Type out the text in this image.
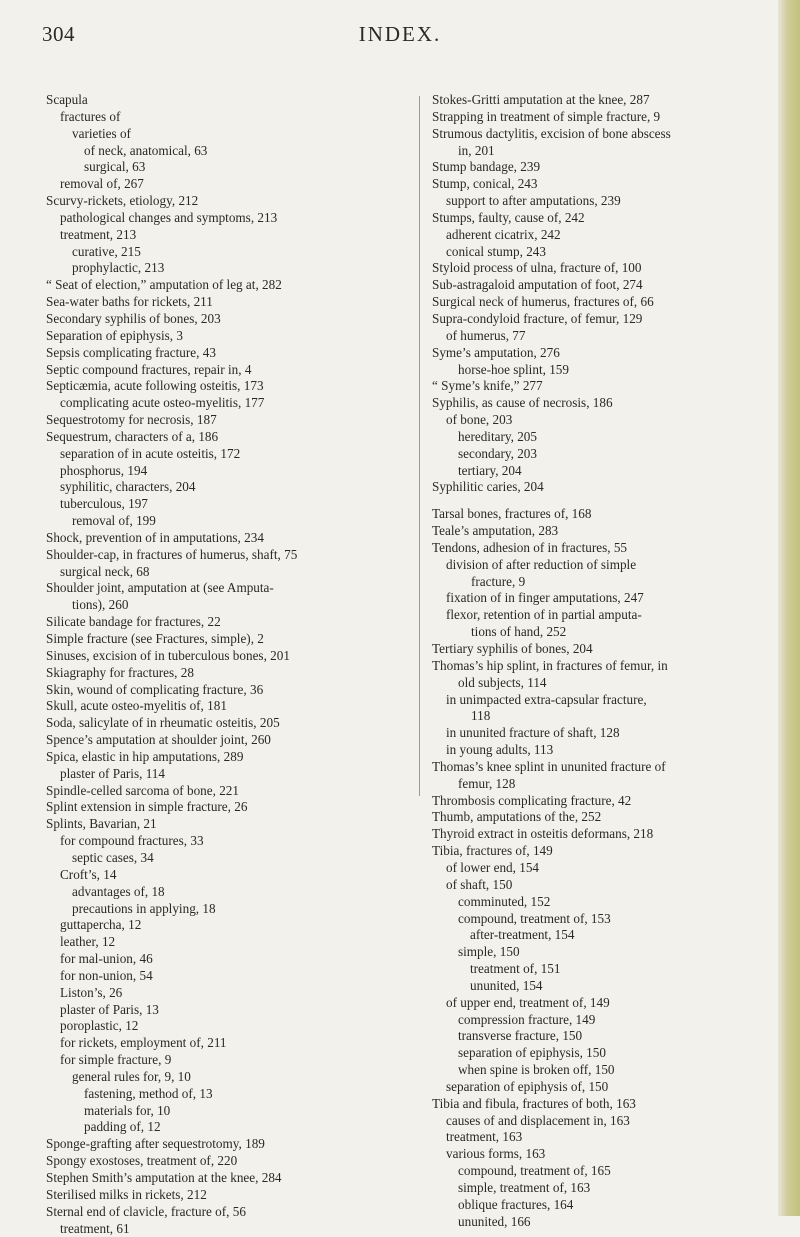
304	INDEX.
Scapula
fractures of
varieties of
of neck, anatomical, 63
surgical, 63
removal of, 267
Scurvy-rickets, etiology, 212
pathological changes and symptoms, 213
treatment, 213
curative, 215
prophylactic, 213
“ Seat of election,” amputation of leg at, 282
Sea-water baths for rickets, 211
Secondary syphilis of bones, 203
Separation of epiphysis, 3
Sepsis complicating fracture, 43
Septic compound fractures, repair in, 4
Septicæmia, acute following osteitis, 173
complicating acute osteo-myelitis, 177
Sequestrotomy for necrosis, 187
Sequestrum, characters of a, 186
separation of in acute osteitis, 172
phosphorus, 194
syphilitic, characters, 204
tuberculous, 197
removal of, 199
Shock, prevention of in amputations, 234
Shoulder-cap, in fractures of humerus, shaft, 75
surgical neck, 68
Shoulder joint, amputation at (see Amputa-
tions), 260
Silicate bandage for fractures, 22
Simple fracture (see Fractures, simple), 2
Sinuses, excision of in tuberculous bones, 201
Skiagraphy for fractures, 28
Skin, wound of complicating fracture, 36
Skull, acute osteo-myelitis of, 181
Soda, salicylate of in rheumatic osteitis, 205
Spence’s amputation at shoulder joint, 260
Spica, elastic in hip amputations, 289
plaster of Paris, 114
Spindle-celled sarcoma of bone, 221
Splint extension in simple fracture, 26
Splints, Bavarian, 21
for compound fractures, 33
septic cases, 34
Croft’s, 14
advantages of, 18
precautions in applying, 18
guttapercha, 12
leather, 12
for mal-union, 46
for non-union, 54
Liston’s, 26
plaster of Paris, 13
poroplastic, 12
for rickets, employment of, 211
for simple fracture, 9
general rules for, 9, 10
fastening, method of, 13
materials for, 10
padding of, 12
Sponge-grafting after sequestrotomy, 189
Spongy exostoses, treatment of, 220
Stephen Smith’s amputation at the knee, 284
Sterilised milks in rickets, 212
Sternal end of clavicle, fracture of, 56
treatment, 61
Stokes-Gritti amputation at the knee, 287
Strapping in treatment of simple fracture, 9
Strumous dactylitis, excision of bone abscess
in, 201
Stump bandage, 239
Stump, conical, 243
support to after amputations, 239
Stumps, faulty, cause of, 242
adherent cicatrix, 242
conical stump, 243
Styloid process of ulna, fracture of, 100
Sub-astragaloid amputation of foot, 274
Surgical neck of humerus, fractures of, 66
Supra-condyloid fracture, of femur, 129
of humerus, 77
Syme’s amputation, 276
horse-hoe splint, 159
“ Syme’s knife,” 277
Syphilis, as cause of necrosis, 186
of bone, 203
hereditary, 205
secondary, 203
tertiary, 204
Syphilitic caries, 204
Tarsal bones, fractures of, 168
Teale’s amputation, 283
Tendons, adhesion of in fractures, 55
division of after reduction of simple
fracture, 9
fixation of in finger amputations, 247
flexor, retention of in partial amputa-
tions of hand, 252
Tertiary syphilis of bones, 204
Thomas’s hip splint, in fractures of femur, in
old subjects, 114
in unimpacted extra-capsular fracture,
118
in ununited fracture of shaft, 128
in young adults, 113
Thomas’s knee splint in ununited fracture of
femur, 128
Thrombosis complicating fracture, 42
Thumb, amputations of the, 252
Thyroid extract in osteitis deformans, 218
Tibia, fractures of, 149
of lower end, 154
of shaft, 150
comminuted, 152
compound, treatment of, 153
after-treatment, 154
simple, 150
treatment of, 151
ununited, 154
of upper end, treatment of, 149
compression fracture, 149
transverse fracture, 150
separation of epiphysis, 150
when spine is broken off, 150
separation of epiphysis of, 150
Tibia and fibula, fractures of both, 163
causes of and displacement in, 163
treatment, 163
various forms, 163
compound, treatment of, 165
simple, treatment of, 163
oblique fractures, 164
ununited, 166
